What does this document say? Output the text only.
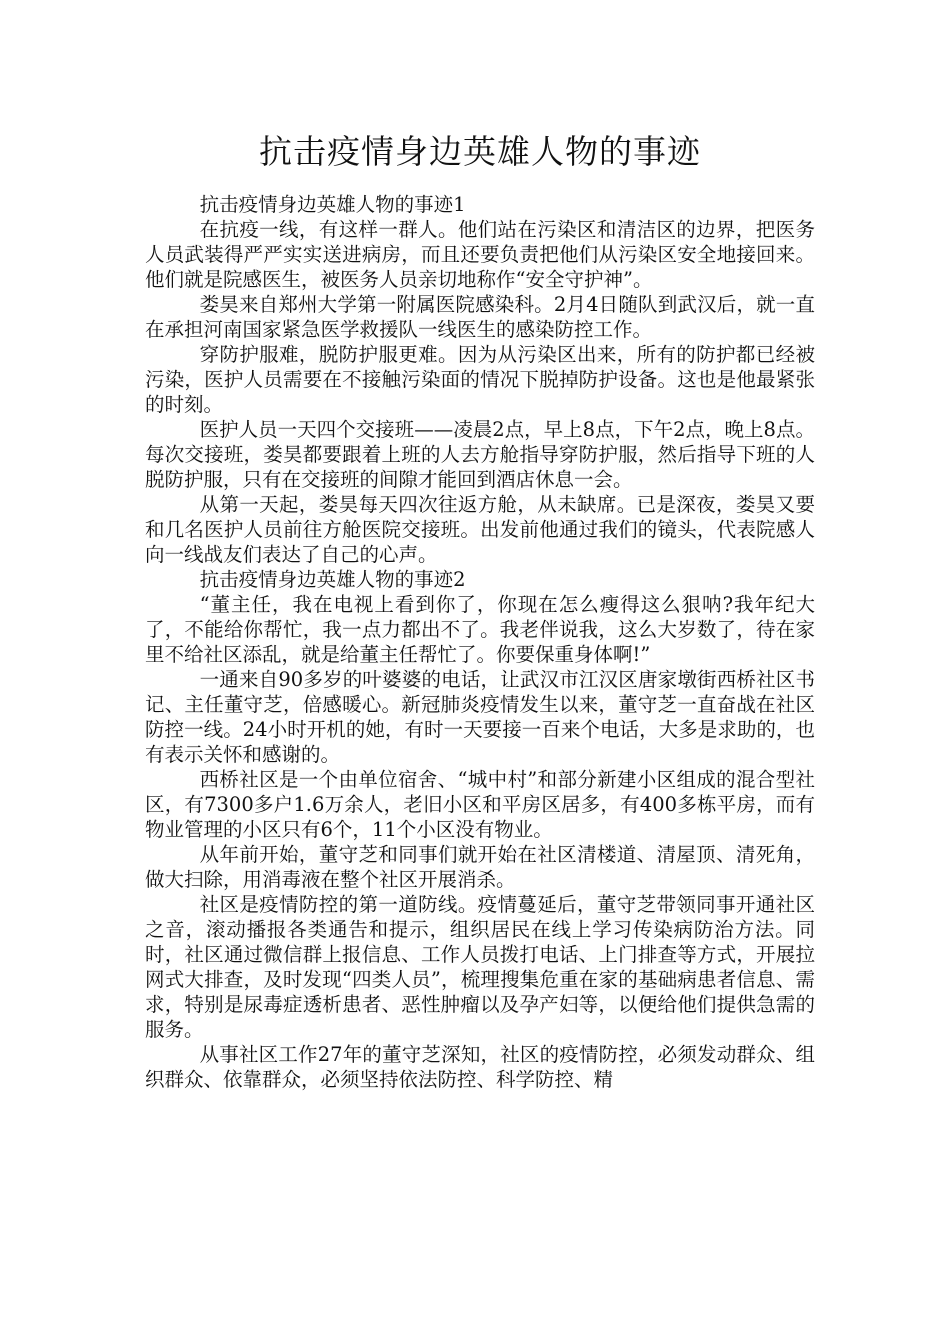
抗击疫情身边英雄人物的事迹

抗击疫情身边英雄人物的事迹1

在抗疫一线，有这样一群人。他们站在污染区和清洁区的边界，把医务人员武装得严严实实送进病房，而且还要负责把他们从污染区安全地接回来。他们就是院感医生，被医务人员亲切地称作“安全守护神”。

娄昊来自郑州大学第一附属医院感染科。2月4日随队到武汉后，就一直在承担河南国家紧急医学救援队一线医生的感染防控工作。

穿防护服难，脱防护服更难。因为从污染区出来，所有的防护都已经被污染，医护人员需要在不接触污染面的情况下脱掉防护设备。这也是他最紧张的时刻。

医护人员一天四个交接班——凌晨2点，早上8点，下午2点，晚上8点。每次交接班，娄昊都要跟着上班的人去方舱指导穿防护服，然后指导下班的人脱防护服，只有在交接班的间隙才能回到酒店休息一会。

从第一天起，娄昊每天四次往返方舱，从未缺席。已是深夜，娄昊又要和几名医护人员前往方舱医院交接班。出发前他通过我们的镜头，代表院感人向一线战友们表达了自己的心声。

抗击疫情身边英雄人物的事迹2

“董主任，我在电视上看到你了，你现在怎么瘦得这么狠呐?我年纪大了，不能给你帮忙，我一点力都出不了。我老伴说我，这么大岁数了，待在家里不给社区添乱，就是给董主任帮忙了。你要保重身体啊!”

一通来自90多岁的叶婆婆的电话，让武汉市江汉区唐家墩街西桥社区书记、主任董守芝，倍感暖心。新冠肺炎疫情发生以来，董守芝一直奋战在社区防控一线。24小时开机的她，有时一天要接一百来个电话，大多是求助的，也有表示关怀和感谢的。

西桥社区是一个由单位宿舍、“城中村”和部分新建小区组成的混合型社区，有7300多户1.6万余人，老旧小区和平房区居多，有400多栋平房，而有物业管理的小区只有6个，11个小区没有物业。

从年前开始，董守芝和同事们就开始在社区清楼道、清屋顶、清死角，做大扫除，用消毒液在整个社区开展消杀。

社区是疫情防控的第一道防线。疫情蔓延后，董守芝带领同事开通社区之音，滚动播报各类通告和提示，组织居民在线上学习传染病防治方法。同时，社区通过微信群上报信息、工作人员拨打电话、上门排查等方式，开展拉网式大排查，及时发现“四类人员”，梳理搜集危重在家的基础病患者信息、需求，特别是尿毒症透析患者、恶性肿瘤以及孕产妇等，以便给他们提供急需的服务。

从事社区工作27年的董守芝深知，社区的疫情防控，必须发动群众、组织群众、依靠群众，必须坚持依法防控、科学防控、精
